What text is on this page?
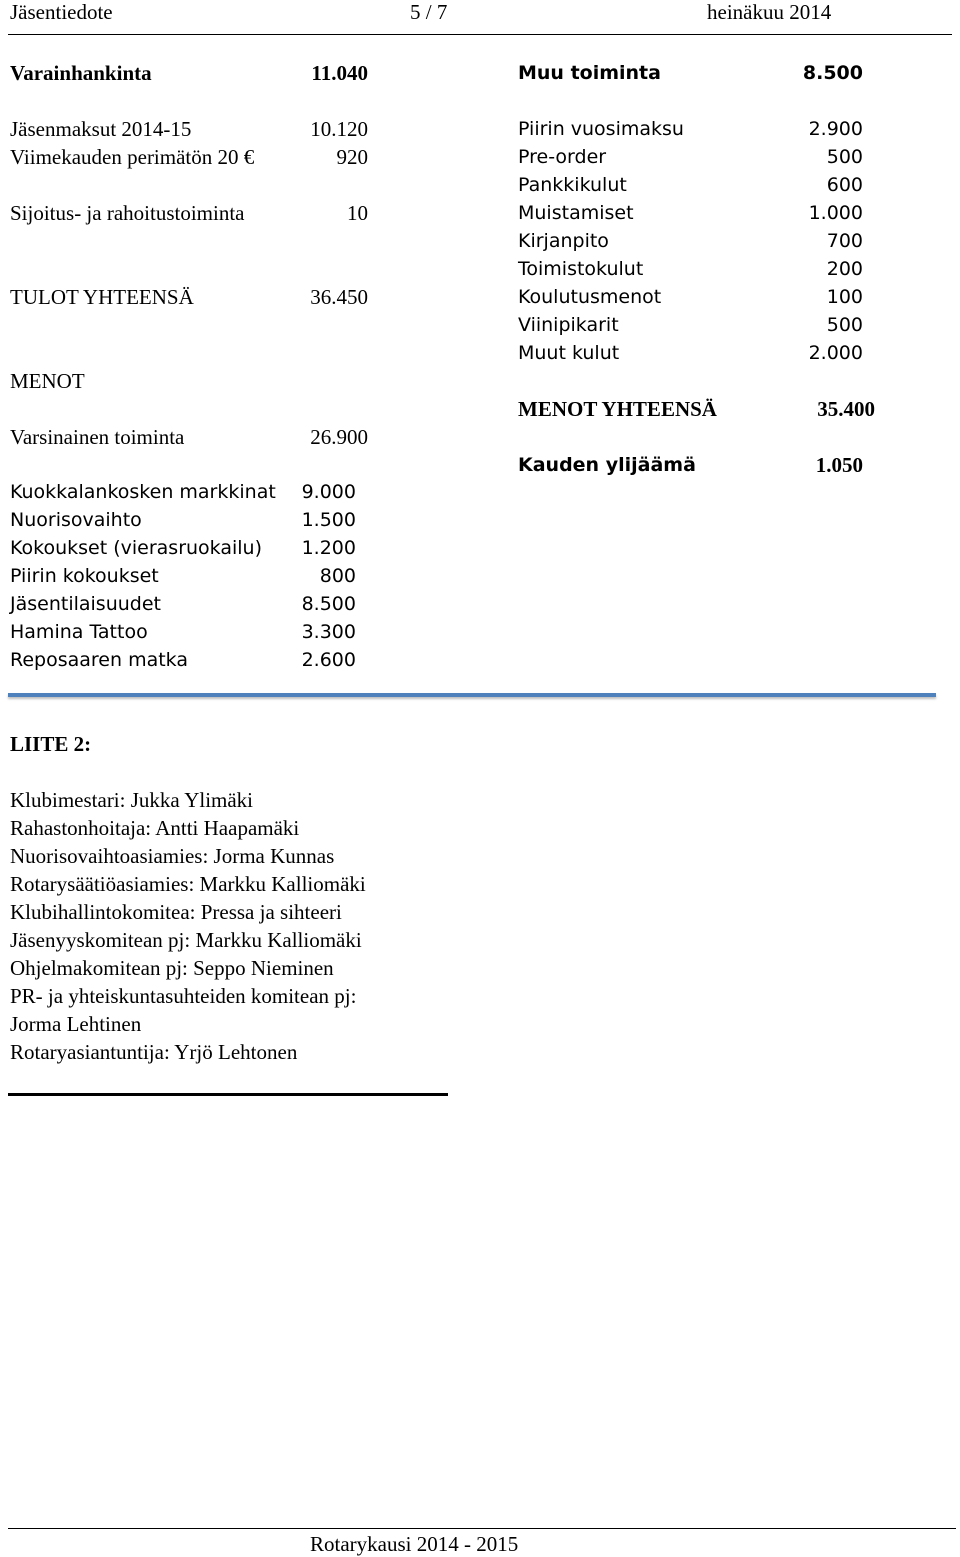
Jäsentiedote	5 / 7	heinäkuu 2014
Varainhankinta	11.040
Jäsenmaksut 2014-15	10.120
Viimekauden perimätön 20 €	920
Sijoitus- ja rahoitustoiminta	10
TULOT YHTEENSÄ	36.450
MENOT
Varsinainen toiminta	26.900
Kuokkalankosken markkinat 9.000
Nuorisovaihto	1.500
Kokoukset (vierasruokailu) 1.200
Piirin kokoukset	800
Jäsentilaisuudet	8.500
Hamina Tattoo	3.300
Reposaaren matka	2.600
Muu toiminta	8.500
Piirin vuosimaksu	2.900
Pre-order	500
Pankkikulut	600
Muistamiset	1.000
Kirjanpito	700
Toimistokulut	200
Koulutusmenot	100
Viinipikarit	500
Muut kulut	2.000
MENOT YHTEENSÄ	35.400
Kauden ylijäämä	1.050
LIITE 2:
Klubimestari: Jukka Ylimäki
Rahastonhoitaja: Antti Haapamäki
Nuorisovaihtoasiamies: Jorma Kunnas
Rotarysäätiöasiamies: Markku Kalliomäki
Klubihallintokomitea: Pressa ja sihteeri
Jäsenyyskomitean pj: Markku Kalliomäki
Ohjelmakomitean pj: Seppo Nieminen
PR- ja yhteiskuntasuhteiden komitean pj:
Jorma Lehtinen
Rotaryasiantuntija: Yrjö Lehtonen
Rotarykausi 2014 - 2015
